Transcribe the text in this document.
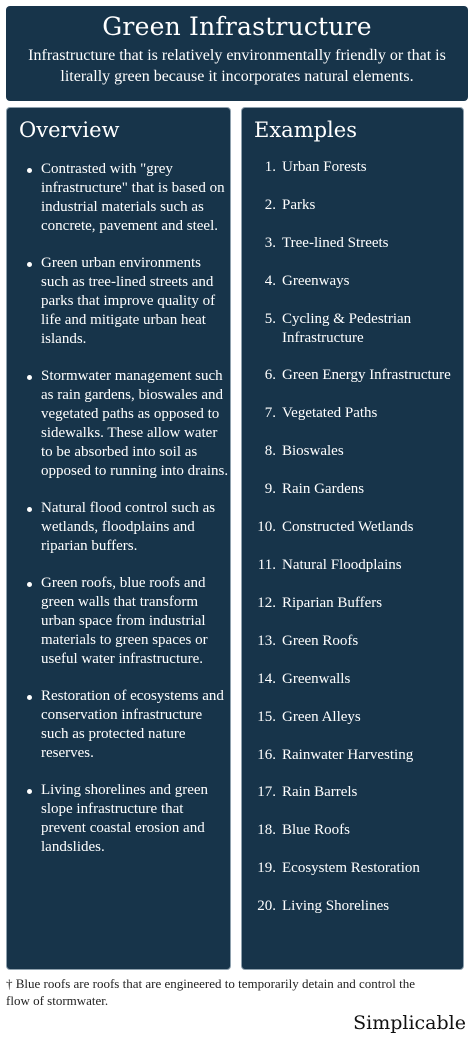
Green Infrastructure

Infrastructure that is relatively environmentally friendly or that is literally green because it incorporates natural elements.

Overview
Contrasted with "grey infrastructure" that is based on industrial materials such as concrete, pavement and steel.
Green urban environments such as tree-lined streets and parks that improve quality of life and mitigate urban heat islands.
Stormwater management such as rain gardens, bioswales and vegetated paths as opposed to sidewalks. These allow water to be absorbed into soil as opposed to running into drains.
Natural flood control such as wetlands, floodplains and riparian buffers.
Green roofs, blue roofs and green walls that transform urban space from industrial materials to green spaces or useful water infrastructure.
Restoration of ecosystems and conservation infrastructure such as protected nature reserves.
Living shorelines and green slope infrastructure that prevent coastal erosion and landslides.
Examples
1. Urban Forests
2. Parks
3. Tree-lined Streets
4. Greenways
5. Cycling & Pedestrian Infrastructure
6. Green Energy Infrastructure
7. Vegetated Paths
8. Bioswales
9. Rain Gardens
10. Constructed Wetlands
11. Natural Floodplains
12. Riparian Buffers
13. Green Roofs
14. Greenwalls
15. Green Alleys
16. Rainwater Harvesting
17. Rain Barrels
18. Blue Roofs
19. Ecosystem Restoration
20. Living Shorelines
† Blue roofs are roofs that are engineered to temporarily detain and control the flow of stormwater.
Simplicable
